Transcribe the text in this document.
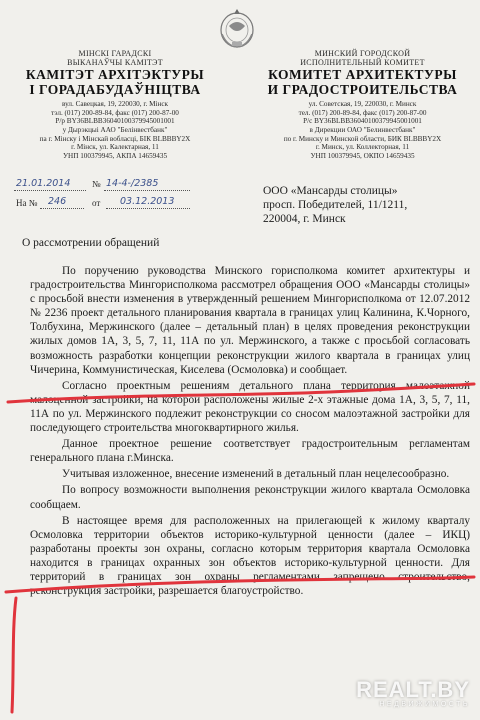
МІНСКІ ГАРАДСКІ
ВЫКАНАЎЧЫ КАМІТЭТ
КАМІТЭТ АРХІТЭКТУРЫ
І ГОРАДАБУДАЎНІЦТВА
вул. Савецкая, 19, 220030, г. Мінск
тэл. (017) 200-89-84, факс (017) 200-87-00
Р/р BY36BLBB36040100379945001001
у Дырэкцыі ААО "Белінвестбанк"
па г. Мінску і Мінскай вобласці, БІК BLBBBY2X
г. Мінск, ул. Калектарная, 11
УНП 100379945, АКПА 14659435
МИНСКИЙ ГОРОДСКОЙ
ИСПОЛНИТЕЛЬНЫЙ КОМИТЕТ
КОМИТЕТ АРХИТЕКТУРЫ
И ГРАДОСТРОИТЕЛЬСТВА
ул. Советская, 19, 220030, г. Минск
тел. (017) 200-89-84, факс (017) 200-87-00
Р/с BY36BLBB36040100379945001001
в Дирекции ОАО "Белинвестбанк"
по г. Минску и Минской области, БИК BLBBBY2X
г. Минск, ул. Коллекторная, 11
УНП 100379945, ОКПО 14659435
21.01.2014 № 14-4-/2385
На № 246	от 03.12.2013
ООО «Мансарды столицы»
просп. Победителей, 11/1211,
220004, г. Минск
О рассмотрении обращений

По поручению руководства Минского горисполкома комитет архитектуры и градостроительства Мингорисполкома рассмотрел обращения ООО «Мансарды столицы» с просьбой внести изменения в утвержденный решением Мингорисполкома от 12.07.2012 № 2236 проект детального планирования квартала в границах улиц Калинина, К.Чорного, Толбухина, Мержинского (далее – детальный план) в целях проведения реконструкции жилых домов 1А, 3, 5, 7, 11, 11А по ул. Мержинского, а также с просьбой согласовать возможность разработки концепции реконструкции жилого квартала в границах улиц Чичерина, Коммунистическая, Киселева (Осмоловка) и сообщает.

Согласно проектным решениям детального плана территория малоэтажной малоценной застройки, на которой расположены жилые 2-х этажные дома 1А, 3, 5, 7, 11, 11А по ул. Мержинского подлежит реконструкции со сносом малоэтажной застройки для последующего строительства многоквартирного жилья.

Данное проектное решение соответствует градостроительным регламентам генерального плана г.Минска.

Учитывая изложенное, внесение изменений в детальный план нецелесообразно.

По вопросу возможности выполнения реконструкции жилого квартала Осмоловка сообщаем.

В настоящее время для расположенных на прилегающей к жилому кварталу Осмоловка территории объектов историко-культурной ценности (далее – ИКЦ) разработаны проекты зон охраны, согласно которым территория квартала Осмоловка находится в границах охранных зон объектов историко-культурной ценности. Для территорий в границах зон охраны регламентами запрещено строительство, реконструкция застройки, разрешается благоустройство.

REALT.BY
НЕДВИЖИМОСТЬ
